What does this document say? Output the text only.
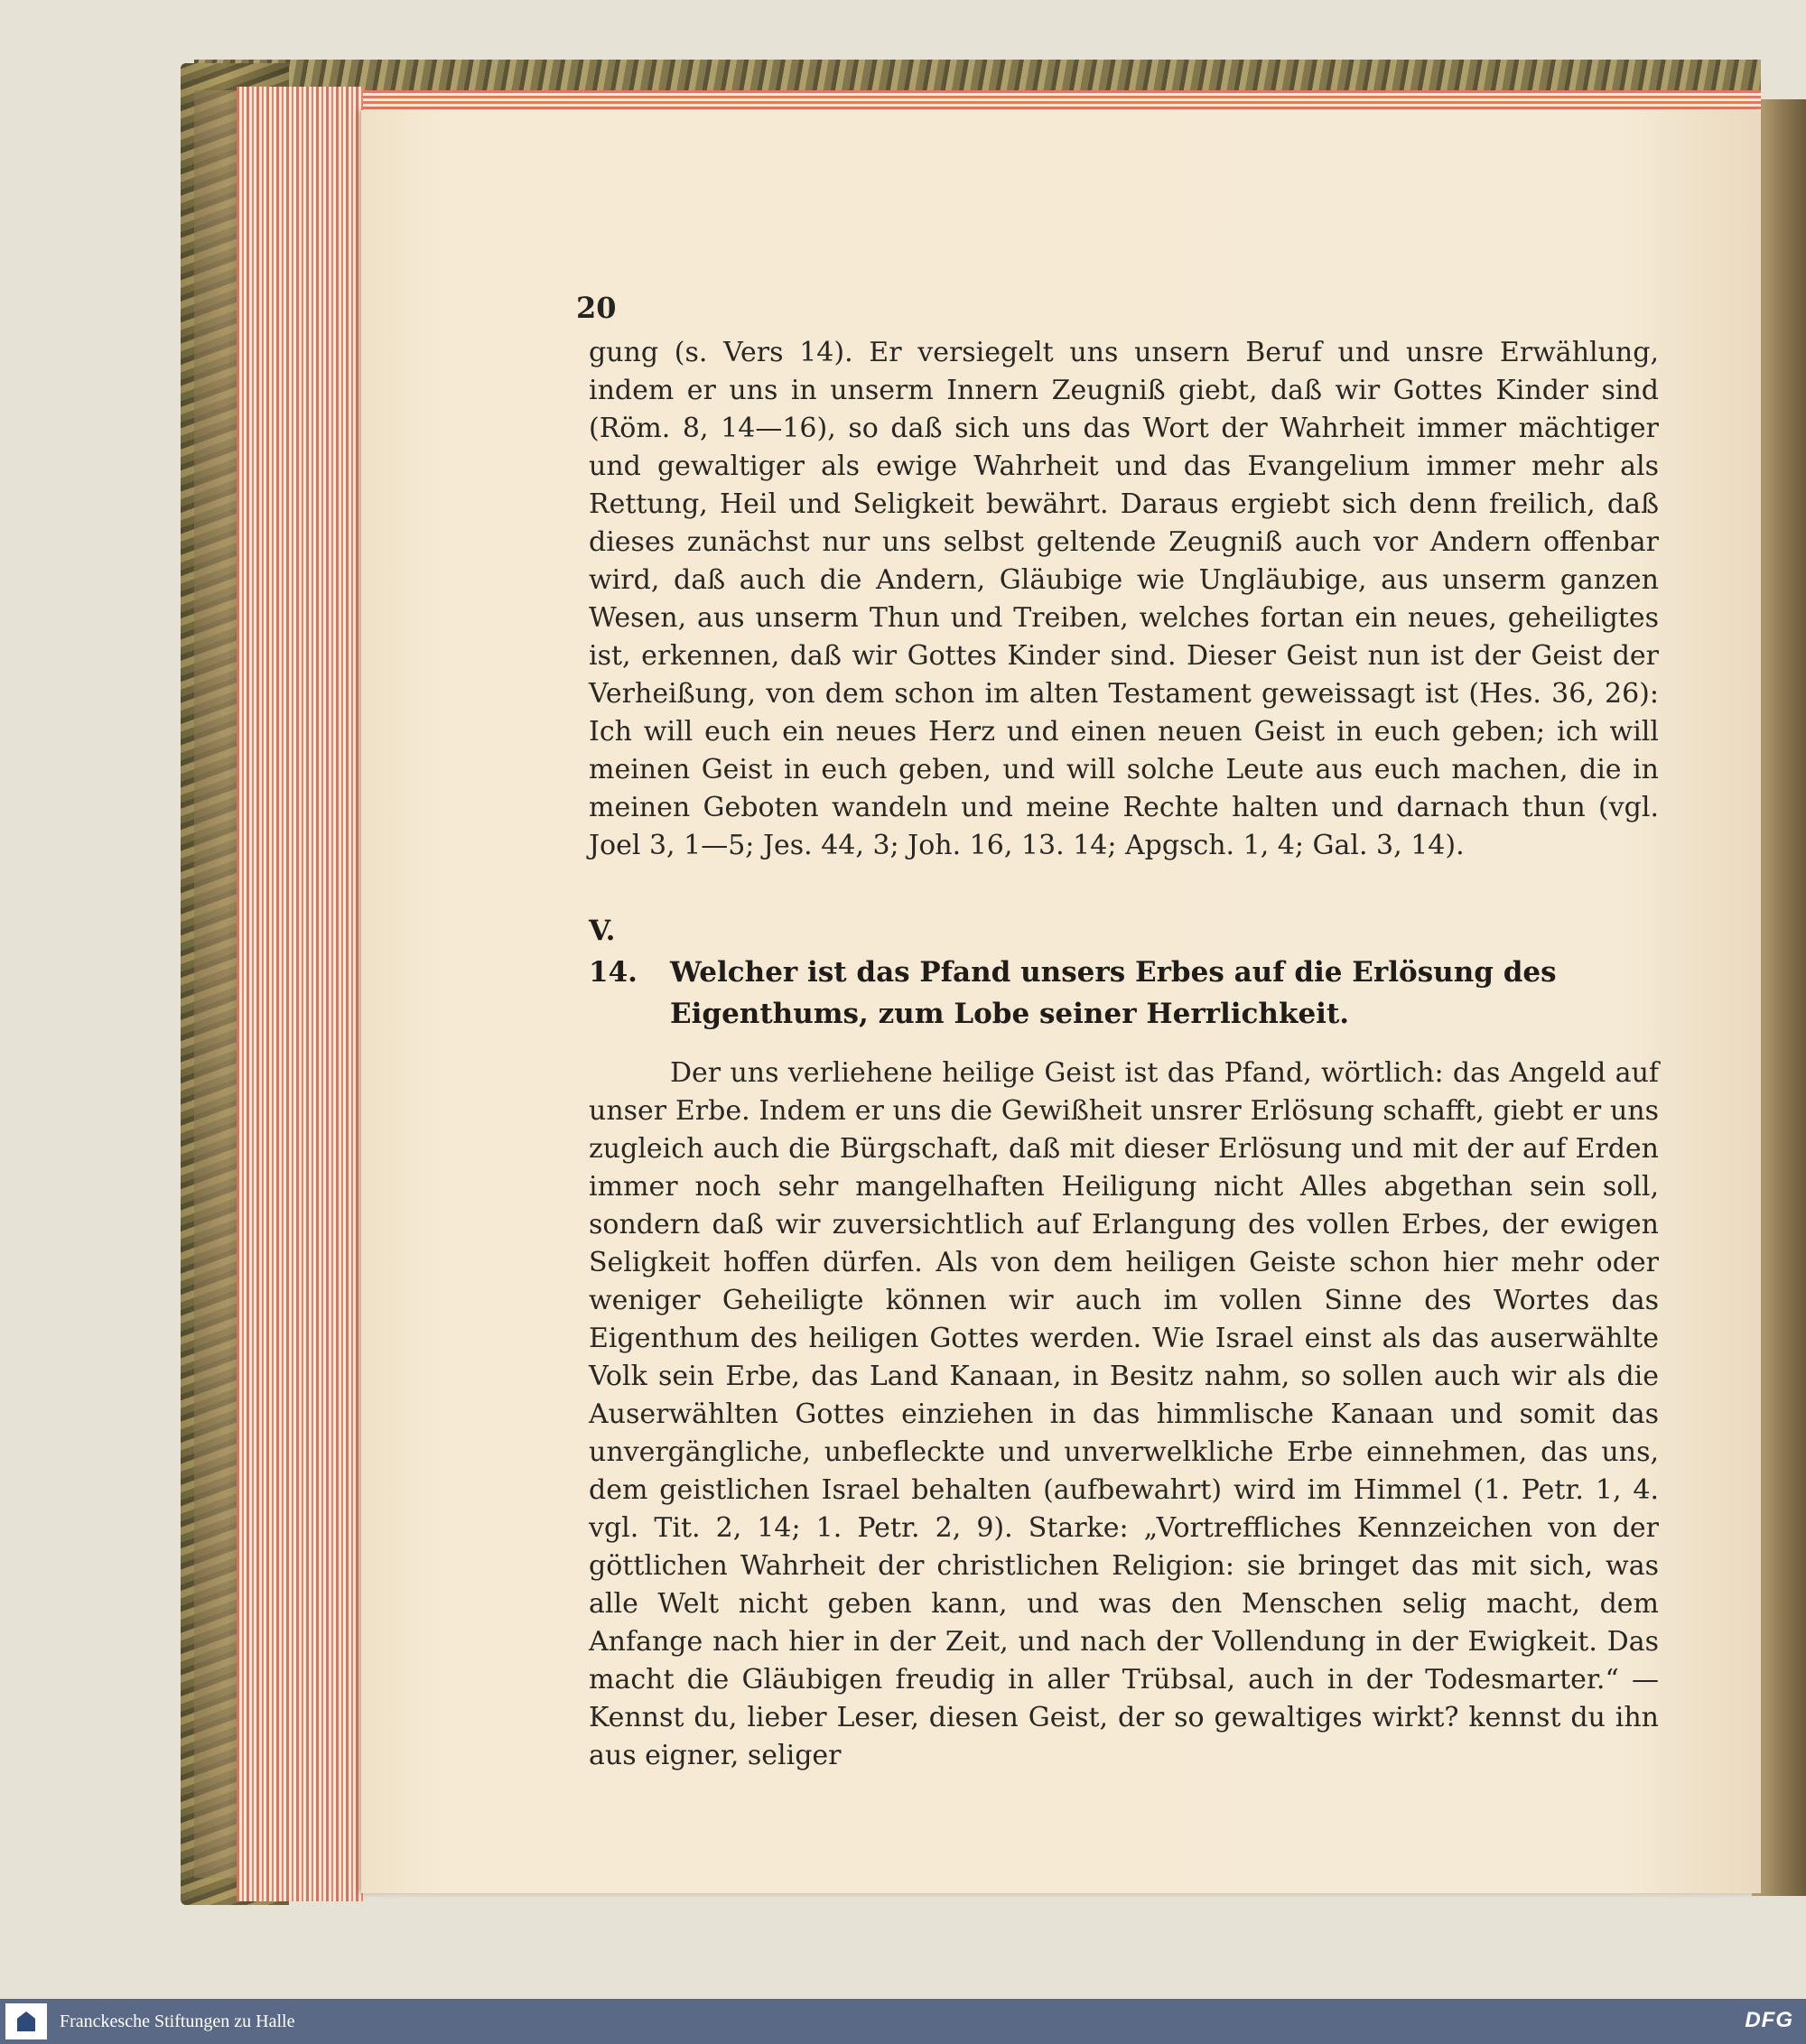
20

gung (s. Vers 14). Er versiegelt uns unsern Beruf und unsre Erwählung, indem er uns in unserm Innern Zeugniß giebt, daß wir Gottes Kinder sind (Röm. 8, 14—16), so daß sich uns das Wort der Wahrheit immer mächtiger und gewaltiger als ewige Wahrheit und das Evangelium immer mehr als Rettung, Heil und Seligkeit bewährt. Daraus ergiebt sich denn freilich, daß dieses zunächst nur uns selbst geltende Zeugniß auch vor Andern offenbar wird, daß auch die Andern, Gläubige wie Ungläubige, aus unserm ganzen Wesen, aus unserm Thun und Treiben, welches fortan ein neues, geheiligtes ist, erkennen, daß wir Gottes Kinder sind. Dieser Geist nun ist der Geist der Verheißung, von dem schon im alten Testament geweissagt ist (Hes. 36, 26): Ich will euch ein neues Herz und einen neuen Geist in euch geben; ich will meinen Geist in euch geben, und will solche Leute aus euch machen, die in meinen Geboten wandeln und meine Rechte halten und darnach thun (vgl. Joel 3, 1—5; Jes. 44, 3; Joh. 16, 13. 14; Apgsch. 1, 4; Gal. 3, 14).

V. 14. Welcher ist das Pfand unsers Erbes auf die Erlösung des Eigenthums, zum Lobe seiner Herrlichkeit.

Der uns verliehene heilige Geist ist das Pfand, wörtlich: das Angeld auf unser Erbe. Indem er uns die Gewißheit unsrer Erlösung schafft, giebt er uns zugleich auch die Bürgschaft, daß mit dieser Erlösung und mit der auf Erden immer noch sehr mangelhaften Heiligung nicht Alles abgethan sein soll, sondern daß wir zuversichtlich auf Erlangung des vollen Erbes, der ewigen Seligkeit hoffen dürfen. Als von dem heiligen Geiste schon hier mehr oder weniger Geheiligte können wir auch im vollen Sinne des Wortes das Eigenthum des heiligen Gottes werden. Wie Israel einst als das auserwählte Volk sein Erbe, das Land Kanaan, in Besitz nahm, so sollen auch wir als die Auserwählten Gottes einziehen in das himmlische Kanaan und somit das unvergängliche, unbefleckte und unverwelkliche Erbe einnehmen, das uns, dem geistlichen Israel behalten (aufbewahrt) wird im Himmel (1. Petr. 1, 4. vgl. Tit. 2, 14; 1. Petr. 2, 9). Starke: „Vortreffliches Kennzeichen von der göttlichen Wahrheit der christlichen Religion: sie bringet das mit sich, was alle Welt nicht geben kann, und was den Menschen selig macht, dem Anfange nach hier in der Zeit, und nach der Vollendung in der Ewigkeit. Das macht die Gläubigen freudig in aller Trübsal, auch in der Todesmarter.“ — Kennst du, lieber Leser, diesen Geist, der so gewaltiges wirkt? kennst du ihn aus eigner, seliger

Franckesche Stiftungen zu Halle	DFG
